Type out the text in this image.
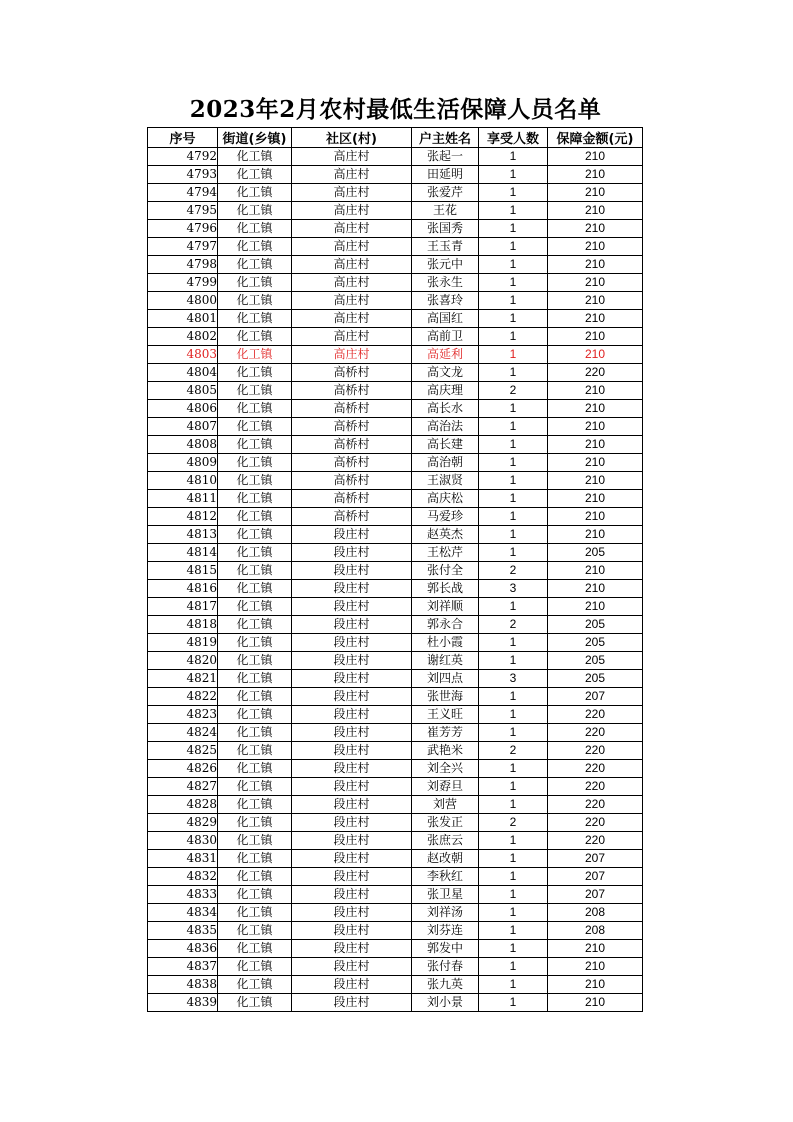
2023年2月农村最低生活保障人员名单
序号	街道(乡镇)	社区(村)	户主姓名	享受人数	保障金额(元)
4792	化工镇	高庄村	张起一	1	210
4793	化工镇	高庄村	田延明	1	210
4794	化工镇	高庄村	张爱芹	1	210
4795	化工镇	高庄村	王花	1	210
4796	化工镇	高庄村	张国秀	1	210
4797	化工镇	高庄村	王玉青	1	210
4798	化工镇	高庄村	张元中	1	210
4799	化工镇	高庄村	张永生	1	210
4800	化工镇	高庄村	张喜玲	1	210
4801	化工镇	高庄村	高国红	1	210
4802	化工镇	高庄村	高前卫	1	210
4803	化工镇	高庄村	高延利	1	210
4804	化工镇	高桥村	高文龙	1	220
4805	化工镇	高桥村	高庆理	2	210
4806	化工镇	高桥村	高长水	1	210
4807	化工镇	高桥村	高治法	1	210
4808	化工镇	高桥村	高长建	1	210
4809	化工镇	高桥村	高治朝	1	210
4810	化工镇	高桥村	王淑贤	1	210
4811	化工镇	高桥村	高庆松	1	210
4812	化工镇	高桥村	马爱珍	1	210
4813	化工镇	段庄村	赵英杰	1	210
4814	化工镇	段庄村	王松芹	1	205
4815	化工镇	段庄村	张付全	2	210
4816	化工镇	段庄村	郭长战	3	210
4817	化工镇	段庄村	刘祥顺	1	210
4818	化工镇	段庄村	郭永合	2	205
4819	化工镇	段庄村	杜小霞	1	205
4820	化工镇	段庄村	谢红英	1	205
4821	化工镇	段庄村	刘四点	3	205
4822	化工镇	段庄村	张世海	1	207
4823	化工镇	段庄村	王义旺	1	220
4824	化工镇	段庄村	崔芳芳	1	220
4825	化工镇	段庄村	武艳米	2	220
4826	化工镇	段庄村	刘全兴	1	220
4827	化工镇	段庄村	刘孬旦	1	220
4828	化工镇	段庄村	刘营	1	220
4829	化工镇	段庄村	张发正	2	220
4830	化工镇	段庄村	张庶云	1	220
4831	化工镇	段庄村	赵改朝	1	207
4832	化工镇	段庄村	李秋红	1	207
4833	化工镇	段庄村	张卫星	1	207
4834	化工镇	段庄村	刘祥汤	1	208
4835	化工镇	段庄村	刘芬连	1	208
4836	化工镇	段庄村	郭发中	1	210
4837	化工镇	段庄村	张付春	1	210
4838	化工镇	段庄村	张九英	1	210
4839	化工镇	段庄村	刘小景	1	210
